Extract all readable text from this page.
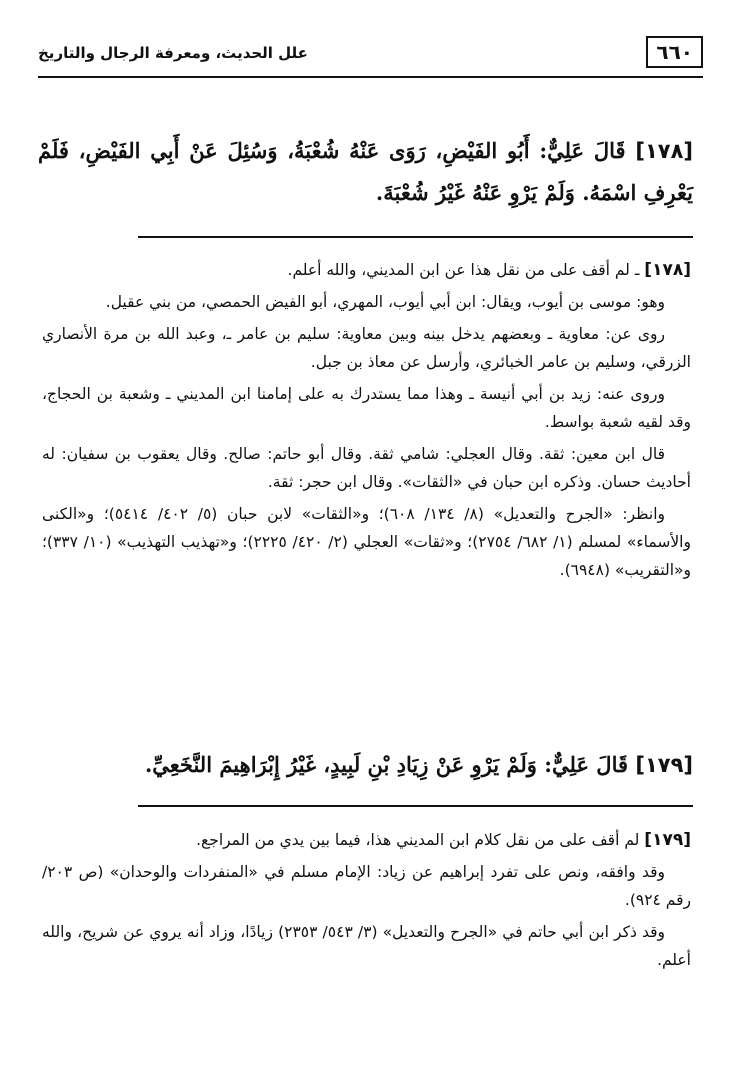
٦٦٠
علل الحديث، ومعرفة الرجال والتاريخ
[١٧٨] قَالَ عَلِيٌّ: أَبُو الفَيْضِ، رَوَى عَنْهُ شُعْبَةُ، وَسُئِلَ عَنْ أَبِي الفَيْضِ، فَلَمْ يَعْرِفِ اسْمَهُ. وَلَمْ يَرْوِ عَنْهُ غَيْرُ شُعْبَةَ.

[١٧٨] ـ لم أقف على من نقل هذا عن ابن المديني، والله أعلم.

وهو: موسى بن أيوب، ويقال: ابن أبي أيوب، المهري، أبو الفيض الحمصي، من بني عقيل.

روى عن: معاوية ـ وبعضهم يدخل بينه وبين معاوية: سليم بن عامر ـ، وعبد الله بن مرة الأنصاري الزرقي، وسليم بن عامر الخبائري، وأرسل عن معاذ بن جبل.

وروى عنه: زيد بن أبي أنيسة ـ وهذا مما يستدرك به على إمامنا ابن المديني ـ وشعبة بن الحجاج، وقد لقيه شعبة بواسط.

قال ابن معين: ثقة. وقال العجلي: شامي ثقة. وقال أبو حاتم: صالح. وقال يعقوب بن سفيان: له أحاديث حسان. وذكره ابن حبان في «الثقات». وقال ابن حجر: ثقة.

وانظر: «الجرح والتعديل» (٨/ ١٣٤/ ٦٠٨)؛ و«الثقات» لابن حبان (٥/ ٤٠٢/ ٥٤١٤)؛ و«الكنى والأسماء» لمسلم (١/ ٦٨٢/ ٢٧٥٤)؛ و«ثقات» العجلي (٢/ ٤٢٠/ ٢٢٢٥)؛ و«تهذيب التهذيب» (١٠/ ٣٣٧)؛ و«التقريب» (٦٩٤٨).

[١٧٩] قَالَ عَلِيٌّ: وَلَمْ يَرْوِ عَنْ زِيَادِ بْنِ لَبِيدٍ، غَيْرُ إِبْرَاهِيمَ النَّخَعِيِّ.

[١٧٩] لم أقف على من نقل كلام ابن المديني هذا، فيما بين يدي من المراجع.

وقد وافقه، ونص على تفرد إبراهيم عن زياد: الإمام مسلم في «المنفردات والوحدان» (ص ٢٠٣/ رقم ٩٢٤).

وقد ذكر ابن أبي حاتم في «الجرح والتعديل» (٣/ ٥٤٣/ ٢٣٥٣) زيادًا، وزاد أنه يروي عن شريح، والله أعلم.
